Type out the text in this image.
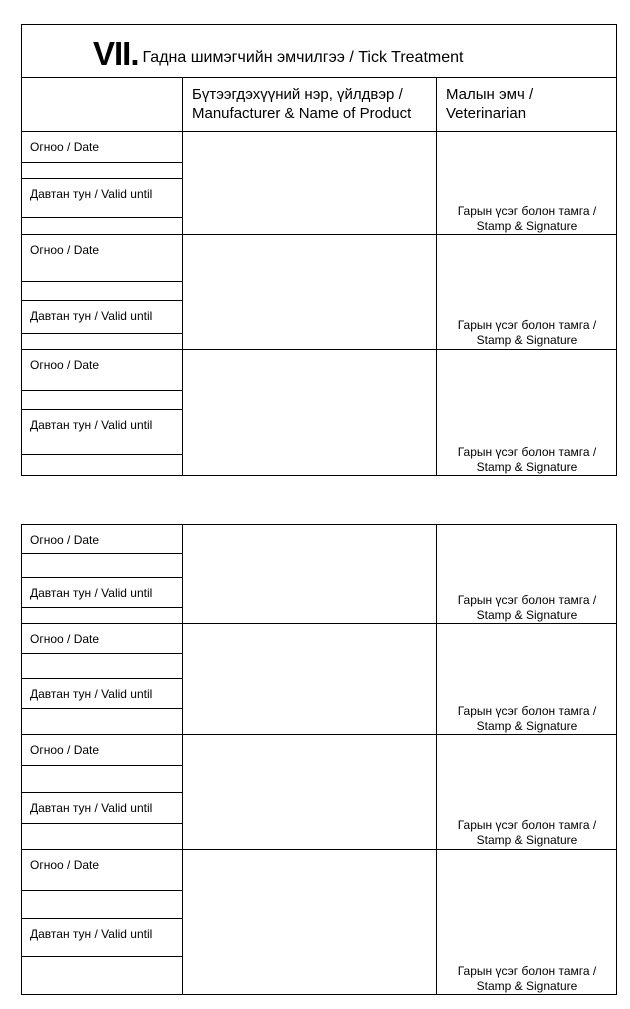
VII. Гадна шимэгчийн эмчилгээ / Tick Treatment
Бүтээгдэхүүний нэр, үйлдвэр /
Manufacturer & Name of Product
Малын эмч /
Veterinarian
Огноо / Date
Давтан тун / Valid until
Гарын үсэг болон тамга /
Stamp & Signature
Огноо / Date
Давтан тун / Valid until
Гарын үсэг болон тамга /
Stamp & Signature
Огноо / Date
Давтан тун / Valid until
Гарын үсэг болон тамга /
Stamp & Signature
Огноо / Date
Давтан тун / Valid until	Гарын үсэг болон тамга /
Stamp & Signature
Огноо / Date
Давтан тун / Valid until
Гарын үсэг болон тамга /
Stamp & Signature
Огноо / Date
Давтан тун / Valid until
Гарын үсэг болон тамга /
Stamp & Signature
Огноо / Date
Давтан тун / Valid until
Гарын үсэг болон тамга /
Stamp & Signature
